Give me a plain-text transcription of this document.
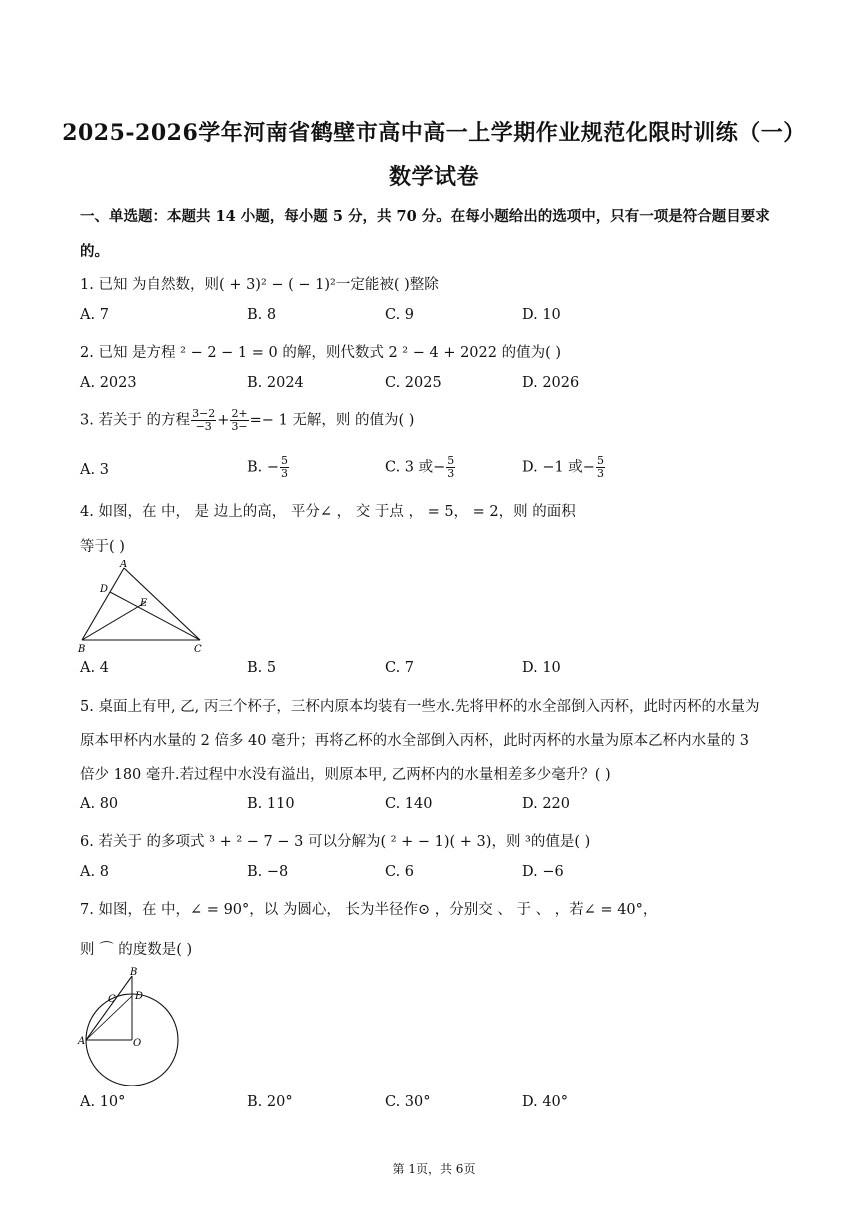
2025-2026学年河南省鹤壁市高中高一上学期作业规范化限时训练（一）
数学试卷
一、单选题：本题共 14 小题，每小题 5 分，共 70 分。在每小题给出的选项中，只有一项是符合题目要求
的。
1. 已知 为自然数，则( + 3)² − ( − 1)²一定能被( )整除
A. 7	B. 8	C. 9	D. 10
2. 已知 是方程 ² − 2 − 1 = 0 的解，则代数式 2 ² − 4 + 2022 的值为( )
A. 2023	B. 2024	C. 2025	D. 2026
3. 若关于 的方程 $\frac{3-2}{-3} + \frac{2+}{3-} =- 1$ 无解，则 的值为( )
A. 3	B. − $\frac{5}{3}$	C. 3 或− $\frac{5}{3}$	D. −1 或− $\frac{5}{3}$
4. 如图，在 中， 是 边上的高， 平分∠ ， 交 于点 ， = 5， = 2，则 的面积
等于( )
A
D
E
B	C
A. 4	B. 5	C. 7	D. 10
5. 桌面上有甲, 乙, 丙三个杯子，三杯内原本均装有一些水.先将甲杯的水全部倒入丙杯，此时丙杯的水量为
原本甲杯内水量的 2 倍多 40 毫升；再将乙杯的水全部倒入丙杯，此时丙杯的水量为原本乙杯内水量的 3
倍少 180 毫升.若过程中水没有溢出，则原本甲, 乙两杯内的水量相差多少毫升？( )
A. 80	B. 110	C. 140	D. 220
6. 若关于 的多项式 ³ + ² − 7 − 3 可以分解为( ² + − 1)( + 3)，则 ³的值是( )
A. 8	B. −8	C. 6	D. −6
7. 如图，在 中，∠ = 90°，以 为圆心， 长为半径作⊙ ，分别交 、 于 、 ，若∠ = 40°，
则 ⌒ 的度数是( )
B
C D
A	O
A. 10°	B. 20°	C. 30°	D. 40°
第 1页，共 6页
